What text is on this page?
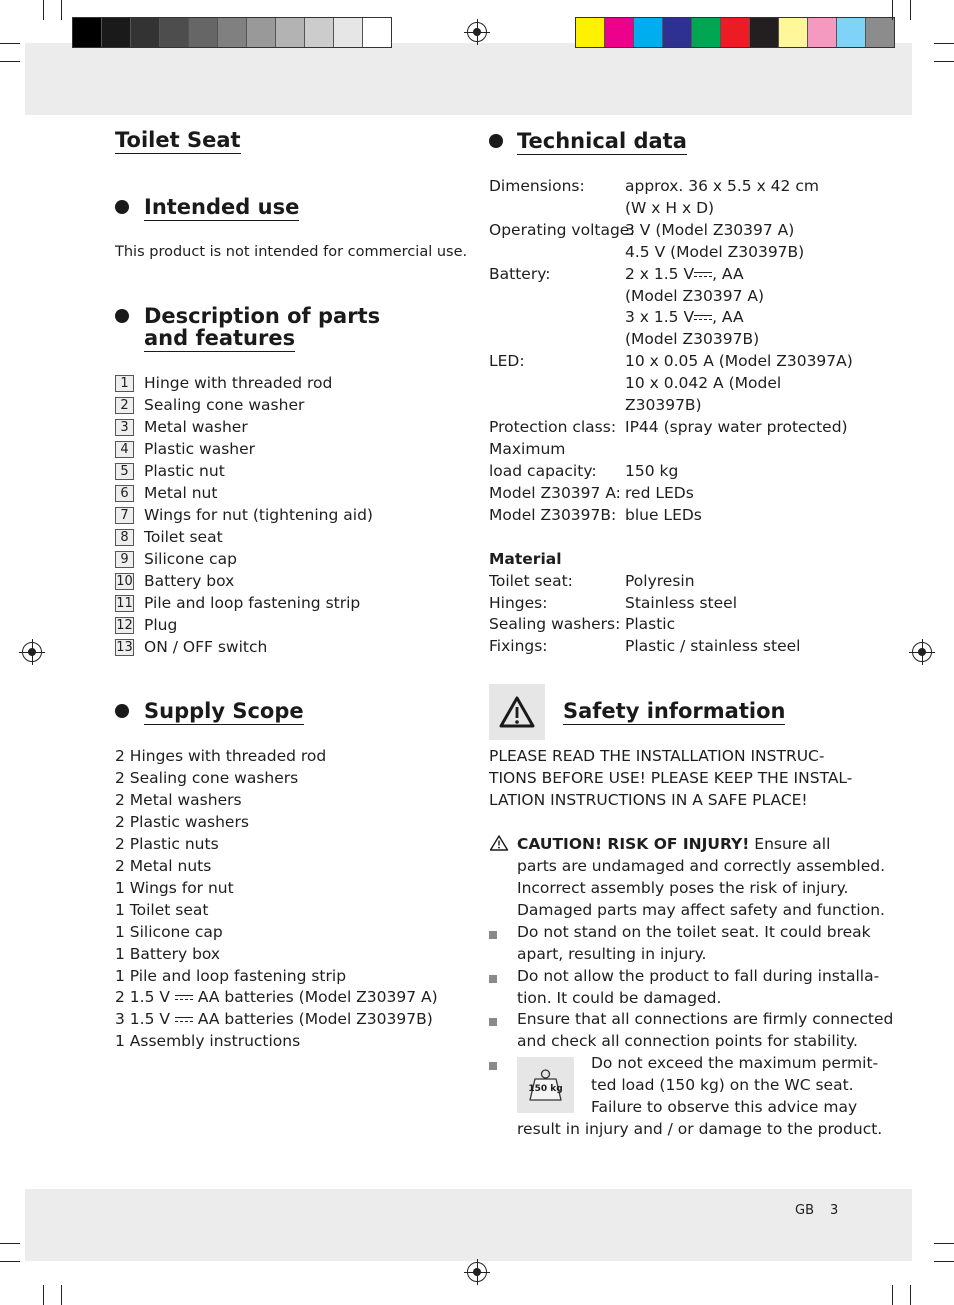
Toilet Seat
Intended use
This product is not intended for commercial use.
Description of parts
and features
1 Hinge with threaded rod
2 Sealing cone washer
3 Metal washer
4 Plastic washer
5 Plastic nut
6 Metal nut
7 Wings for nut (tightening aid)
8 Toilet seat
9 Silicone cap
10 Battery box
11 Pile and loop fastening strip
12 Plug
13 ON / OFF switch
Supply Scope
2 Hinges with threaded rod
2 Sealing cone washers
2 Metal washers
2 Plastic washers
2 Plastic nuts
2 Metal nuts
1 Wings for nut
1 Toilet seat
1 Silicone cap
1 Battery box
1 Pile and loop fastening strip
2 1.5 V AA batteries (Model Z30397 A)
3 1.5 V AA batteries (Model Z30397B)
1 Assembly instructions
Technical data
Dimensions:	approx. 36 x 5.5 x 42 cm
(W x H x D)
Operating voltage:
3 V (Model Z30397 A)
4.5 V (Model Z30397B)
Battery:	2 x 1.5 V , AA
(Model Z30397 A)
3 x 1.5 V , AA
(Model Z30397B)
LED:	10 x 0.05 A (Model Z30397A)
10 x 0.042 A (Model
Z30397B)
Protection class: IP44 (spray water protected)
Maximum
load capacity: 150 kg
Model Z30397 A: red LEDs
Model Z30397B: blue LEDs
Material
Toilet seat:	Polyresin
Hinges:	Stainless steel
Sealing washers: Plastic
Fixings:	Plastic / stainless steel
Safety information
PLEASE READ THE INSTALLATION INSTRUC-
TIONS BEFORE USE! PLEASE KEEP THE INSTAL-
LATION INSTRUCTIONS IN A SAFE PLACE!
CAUTION! RISK OF INJURY! Ensure all
parts are undamaged and correctly assembled.
Incorrect assembly poses the risk of injury.
Damaged parts may affect safety and function.
Do not stand on the toilet seat. It could break
apart, resulting in injury.
Do not allow the product to fall during installa-
tion. It could be damaged.
Ensure that all connections are firmly connected
and check all connection points for stability.
150 kg
Do not exceed the maximum permit-
ted load (150 kg) on the WC seat.
Failure to observe this advice may
result in injury and / or damage to the product.
GB 3
